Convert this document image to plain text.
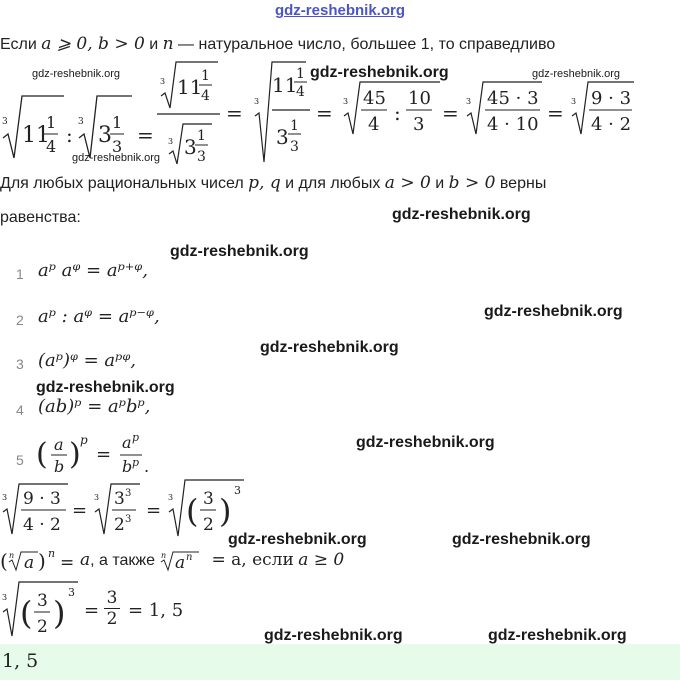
gdz-reshebnik.org
Если a ⩾ 0, b > 0 и n — натуральное число, большее 1, то справедливо
3
11
1
4 :
3
3
1
3 =
3 11
1
4
3 3 1
3
= 3
11
1
4
3 1
3
= 3 45
4 :
10
3 = 3 45 · 3
4 · 10 = 3 9 · 3
4 · 2
gdz-reshebnik.org	gdz-reshebnik.org	gdz-reshebnik.org
gdz-reshebnik.org
Для любых рациональных чисел p, q и для любых a > 0 и b > 0 верны
равенства:	gdz-reshebnik.org
gdz-reshebnik.org
1 aᵖ aᵠ = aᵖ⁺ᵠ,
2 aᵖ : aᵠ = aᵖ⁻ᵠ,	gdz-reshebnik.org
gdz-reshebnik.org
3 (aᵖ)ᵠ = aᵖᵠ,
gdz-reshebnik.org
4 (ab)ᵖ = aᵖbᵖ,
5 ( a
b ) p
=
a p
b p .
gdz-reshebnik.org
3 9 · 3
4 · 2
=
3 3 3
2 3 =
3 ( 3
2 )
3
gdz-reshebnik.org	gdz-reshebnik.org
( n a ) n = a, а также n a n = a, если a ≥ 0
3 ( 3
2 )
3
= $\frac{3}{2} = 1$, 5
gdz-reshebnik.org	gdz-reshebnik.org
1, 5
